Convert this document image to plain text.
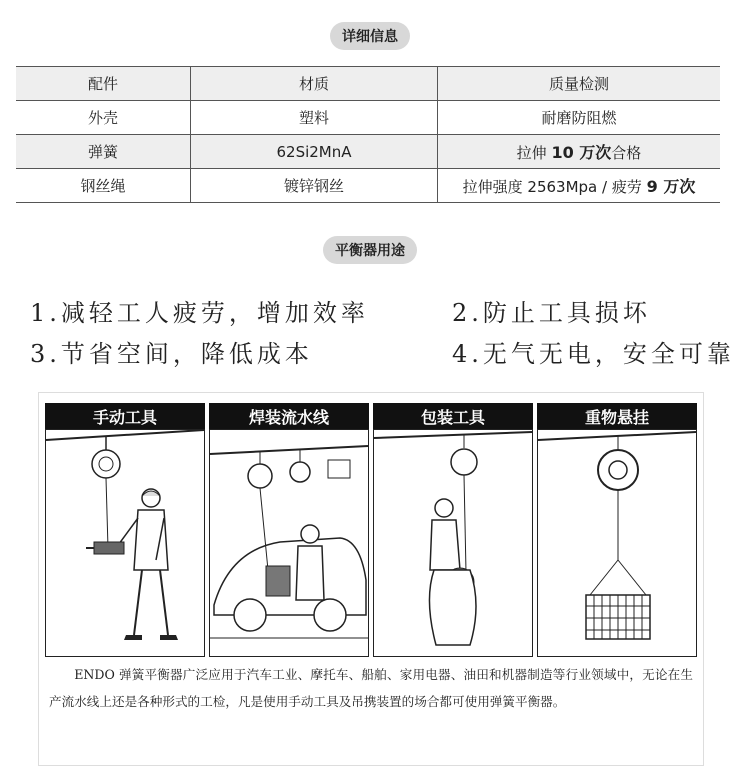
详细信息
配件	材质	质量检测
外壳	塑料	耐磨防阻燃
弹簧	62Si2MnA	拉伸 10 万次合格
钢丝绳	镀锌钢丝	拉伸强度 2563Mpa / 疲劳 9 万次
平衡器用途
1.减轻工人疲劳，增加效率	2.防止工具损坏
3.节省空间，降低成本	4.无气无电，安全可靠
手动工具	焊装流水线	包装工具	重物悬挂

ENDO 弹簧平衡器广泛应用于汽车工业、摩托车、船舶、家用电器、油田和机器制造等行业领域中，无论在生产流水线上还是各种形式的工检，凡是使用手动工具及吊携装置的场合都可使用弹簧平衡器。
